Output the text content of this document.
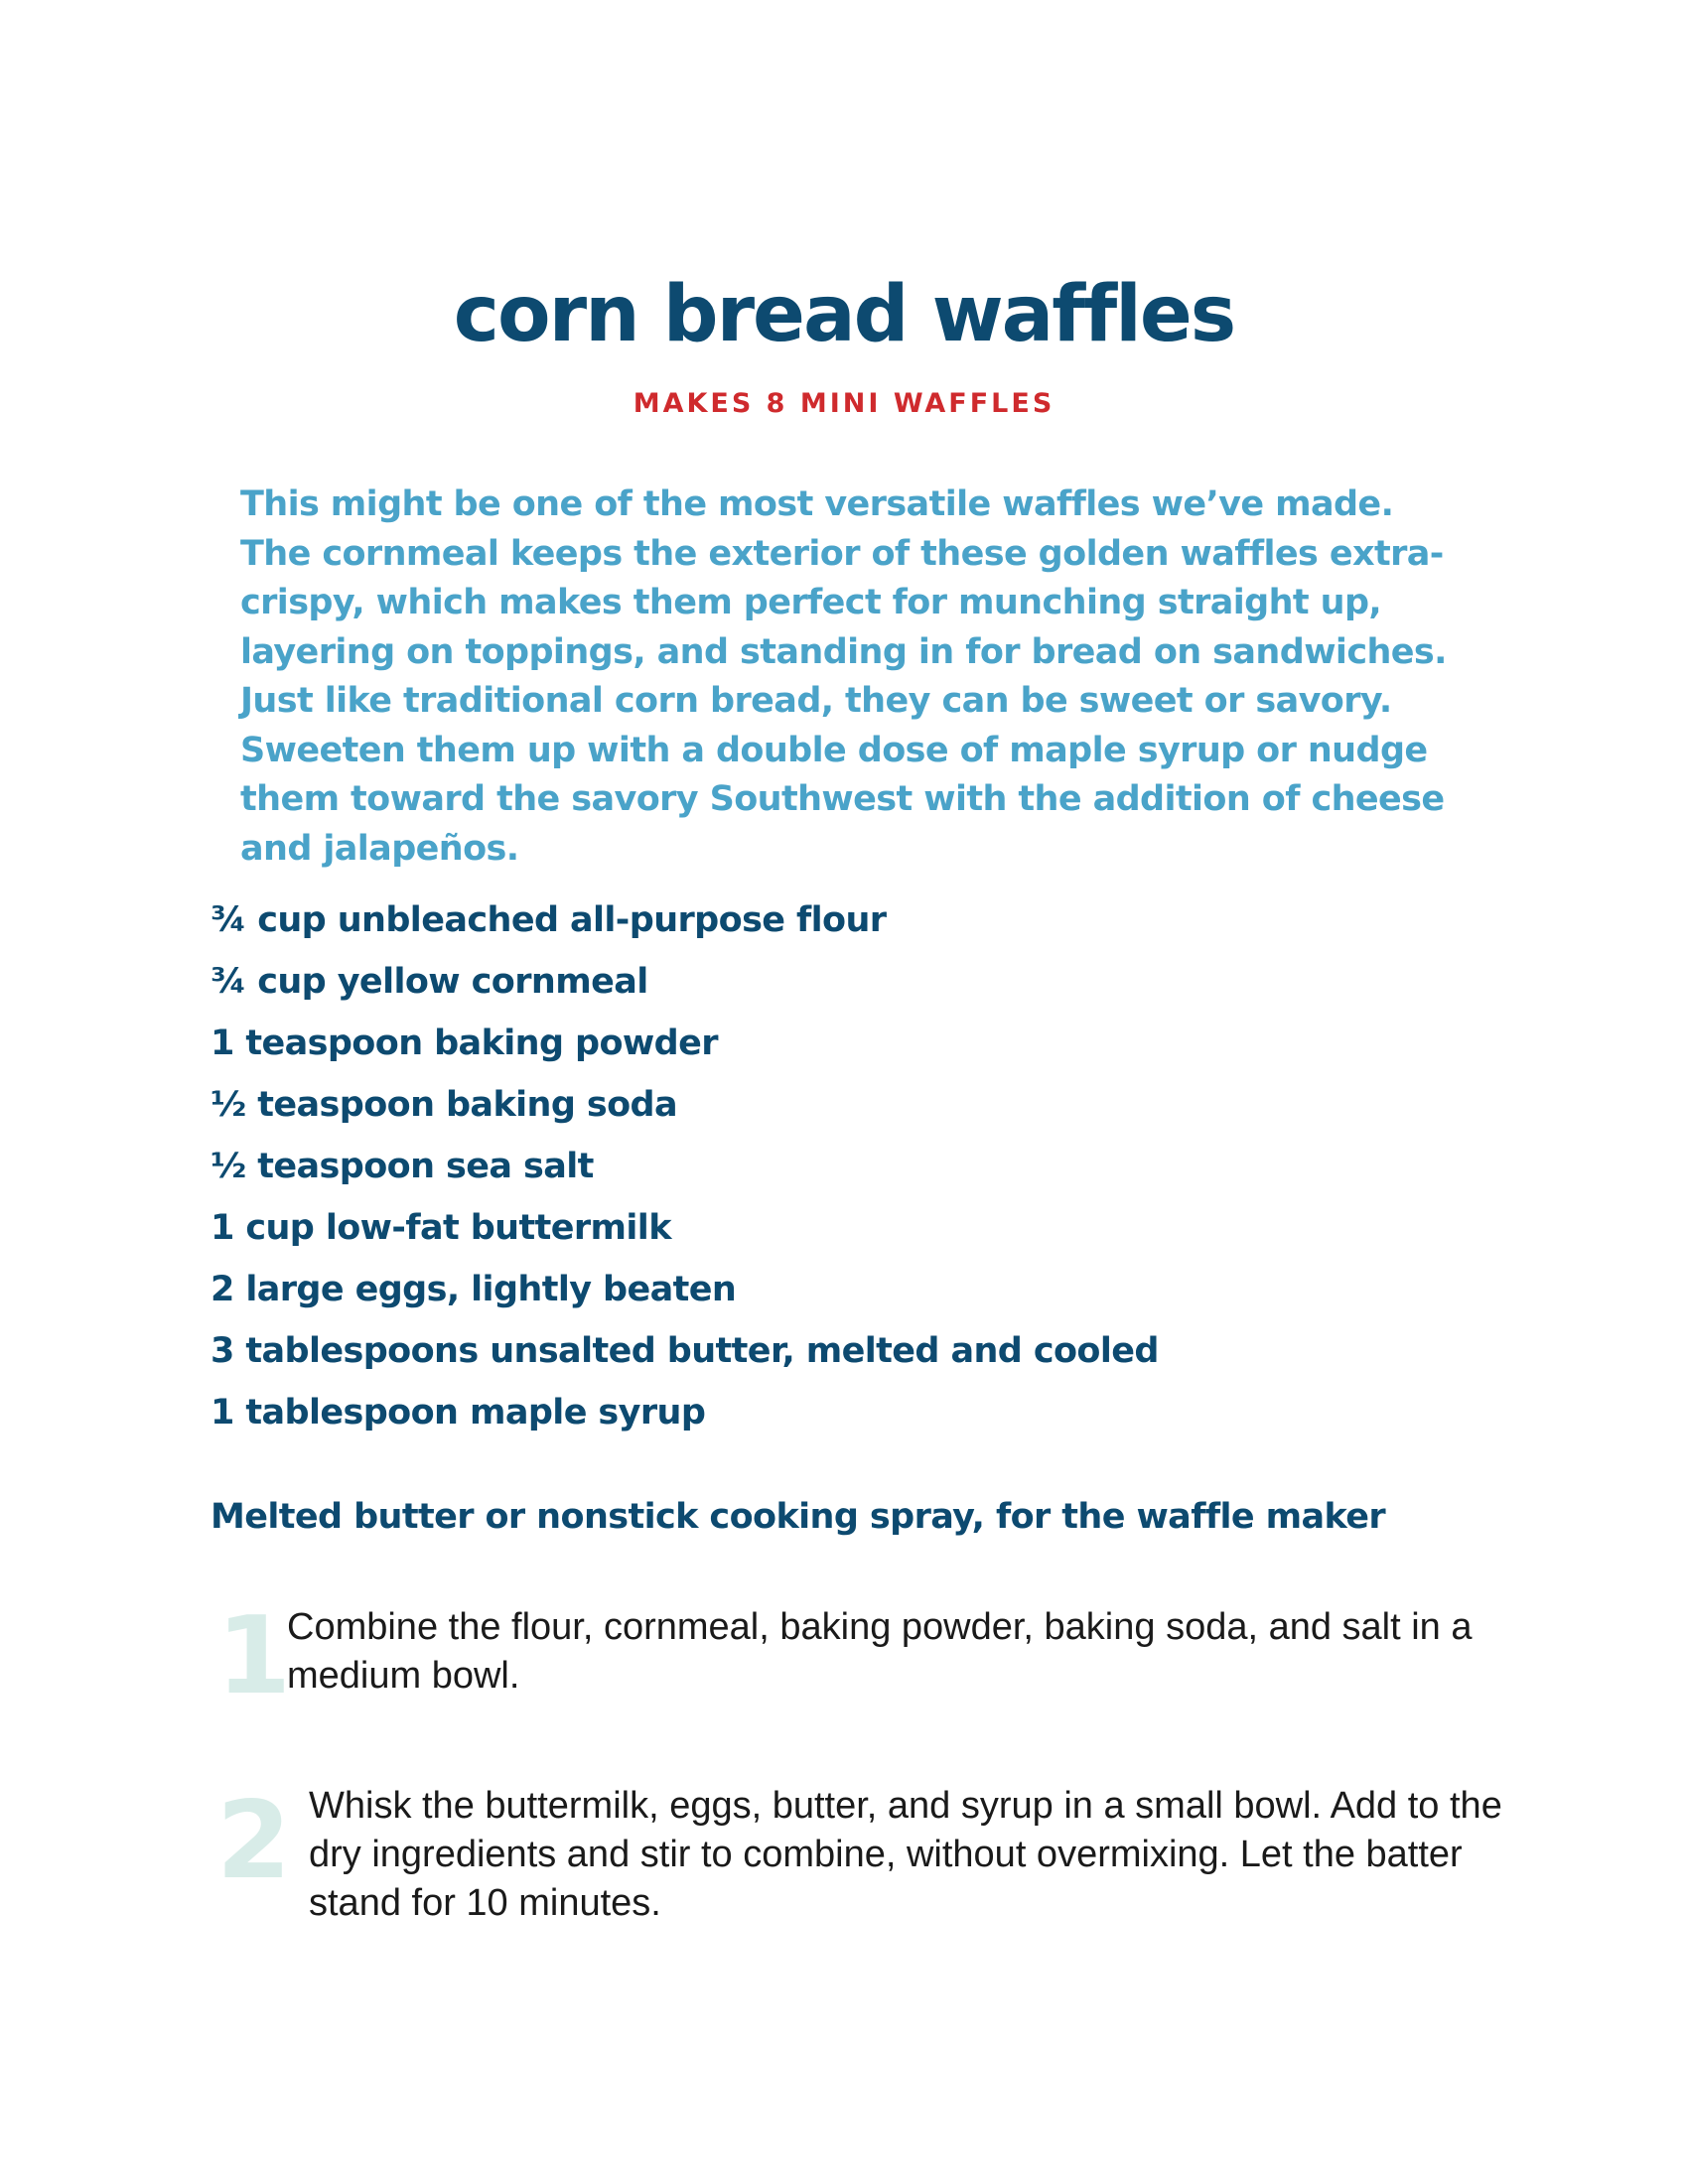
corn bread waffles
MAKES 8 MINI WAFFLES

This might be one of the most versatile waffles we’ve made. The cornmeal keeps the exterior of these golden waffles extra-crispy, which makes them perfect for munching straight up, layering on toppings, and standing in for bread on sandwiches. Just like traditional corn bread, they can be sweet or savory. Sweeten them up with a double dose of maple syrup or nudge them toward the savory Southwest with the addition of cheese and jalapeños.

¾ cup unbleached all-purpose flour
¾ cup yellow cornmeal
1 teaspoon baking powder
½ teaspoon baking soda
½ teaspoon sea salt
1 cup low-fat buttermilk
2 large eggs, lightly beaten
3 tablespoons unsalted butter, melted and cooled
1 tablespoon maple syrup
Melted butter or nonstick cooking spray, for the waffle maker
1

Combine the flour, cornmeal, baking powder, baking soda, and salt in a medium bowl.

2 Whisk the buttermilk, eggs, butter, and syrup in a small bowl. Add to the dry ingredients and stir to combine, without overmixing. Let the batter stand for 10 minutes.
